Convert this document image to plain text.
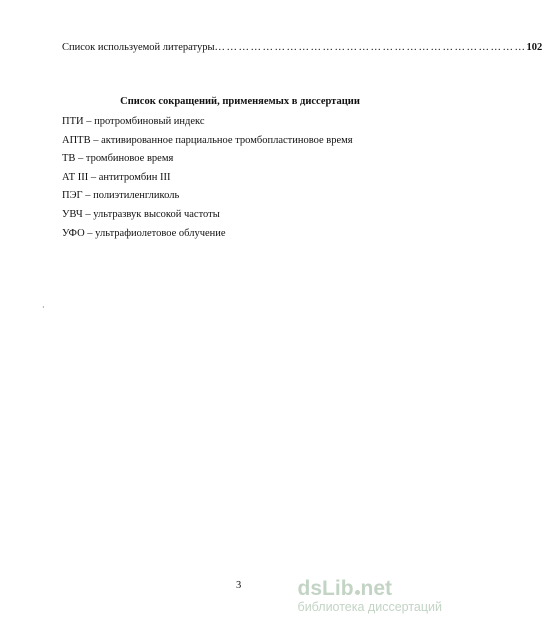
Список используемой литературы …………………………………………………………………… 102
Список сокращений, применяемых в диссертации
ПТИ – протромбиновый индекс
АПТВ – активированное парциальное тромбопластиновое время
ТВ – тромбиновое время
АТ III – антитромбин III
ПЭГ – полиэтиленгликоль
УВЧ – ультразвук высокой частоты
УФО – ультрафиолетовое облучение
·
3	dsLib net
библиотека диссертаций
